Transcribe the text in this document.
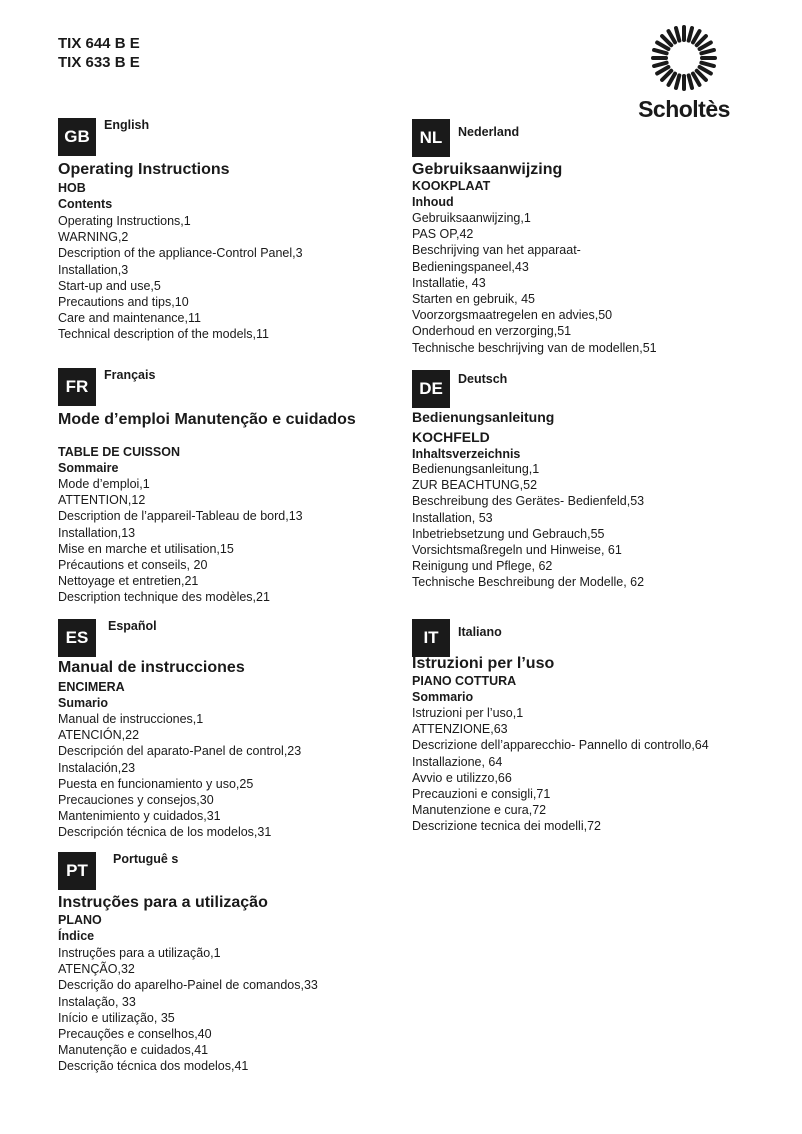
TIX 644 B E
TIX 633 B E
Scholtès
GB
English
Operating Instructions
HOB
Contents
Operating Instructions,1
WARNING,2
Description of the appliance-Control Panel,3
Installation,3
Start-up and use,5
Precautions and tips,10
Care and maintenance,11
Technical description of the models,11
FR
Français
Mode d’emploi Manutenção e cuidados
TABLE DE CUISSON
Sommaire
Mode d’emploi,1
ATTENTION,12
Description de l’appareil-Tableau de bord,13
Installation,13
Mise en marche et utilisation,15
Précautions et conseils, 20
Nettoyage et entretien,21
Description technique des modèles,21
ES
Español
Manual de instrucciones
ENCIMERA
Sumario
Manual de instrucciones,1
ATENCIÓN,22
Descripción del aparato-Panel de control,23
Instalación,23
Puesta en funcionamiento y uso,25
Precauciones y consejos,30
Mantenimiento y cuidados,31
Descripción técnica de los modelos,31
PT
Portuguê s
Instruções para a utilização
PLANO
Índice
Instruções para a utilização,1
ATENÇÃO,32
Descrição do aparelho-Painel de comandos,33
Instalação, 33
Início e utilização, 35
Precauções e conselhos,40
Manutenção e cuidados,41
Descrição técnica dos modelos,41
NL	Nederland
Gebruiksaanwijzing
KOOKPLAAT
Inhoud
Gebruiksaanwijzing,1
PAS OP,42
Beschrijving van het apparaat-
Bedieningspaneel,43
Installatie, 43
Starten en gebruik, 45
Voorzorgsmaatregelen en advies,50
Onderhoud en verzorging,51
Technische beschrijving van de modellen,51
DE	Deutsch
Bedienungsanleitung
KOCHFELD
Inhaltsverzeichnis
Bedienungsanleitung,1
ZUR BEACHTUNG,52
Beschreibung des Gerätes- Bedienfeld,53
Installation, 53
Inbetriebsetzung und Gebrauch,55
Vorsichtsmaßregeln und Hinweise, 61
Reinigung und Pflege, 62
Technische Beschreibung der Modelle, 62
IT	Italiano
Istruzioni per l’uso
PIANO COTTURA
Sommario
Istruzioni per l’uso,1
ATTENZIONE,63
Descrizione dell’apparecchio- Pannello di controllo,64
Installazione, 64
Avvio e utilizzo,66
Precauzioni e consigli,71
Manutenzione e cura,72
Descrizione tecnica dei modelli,72
